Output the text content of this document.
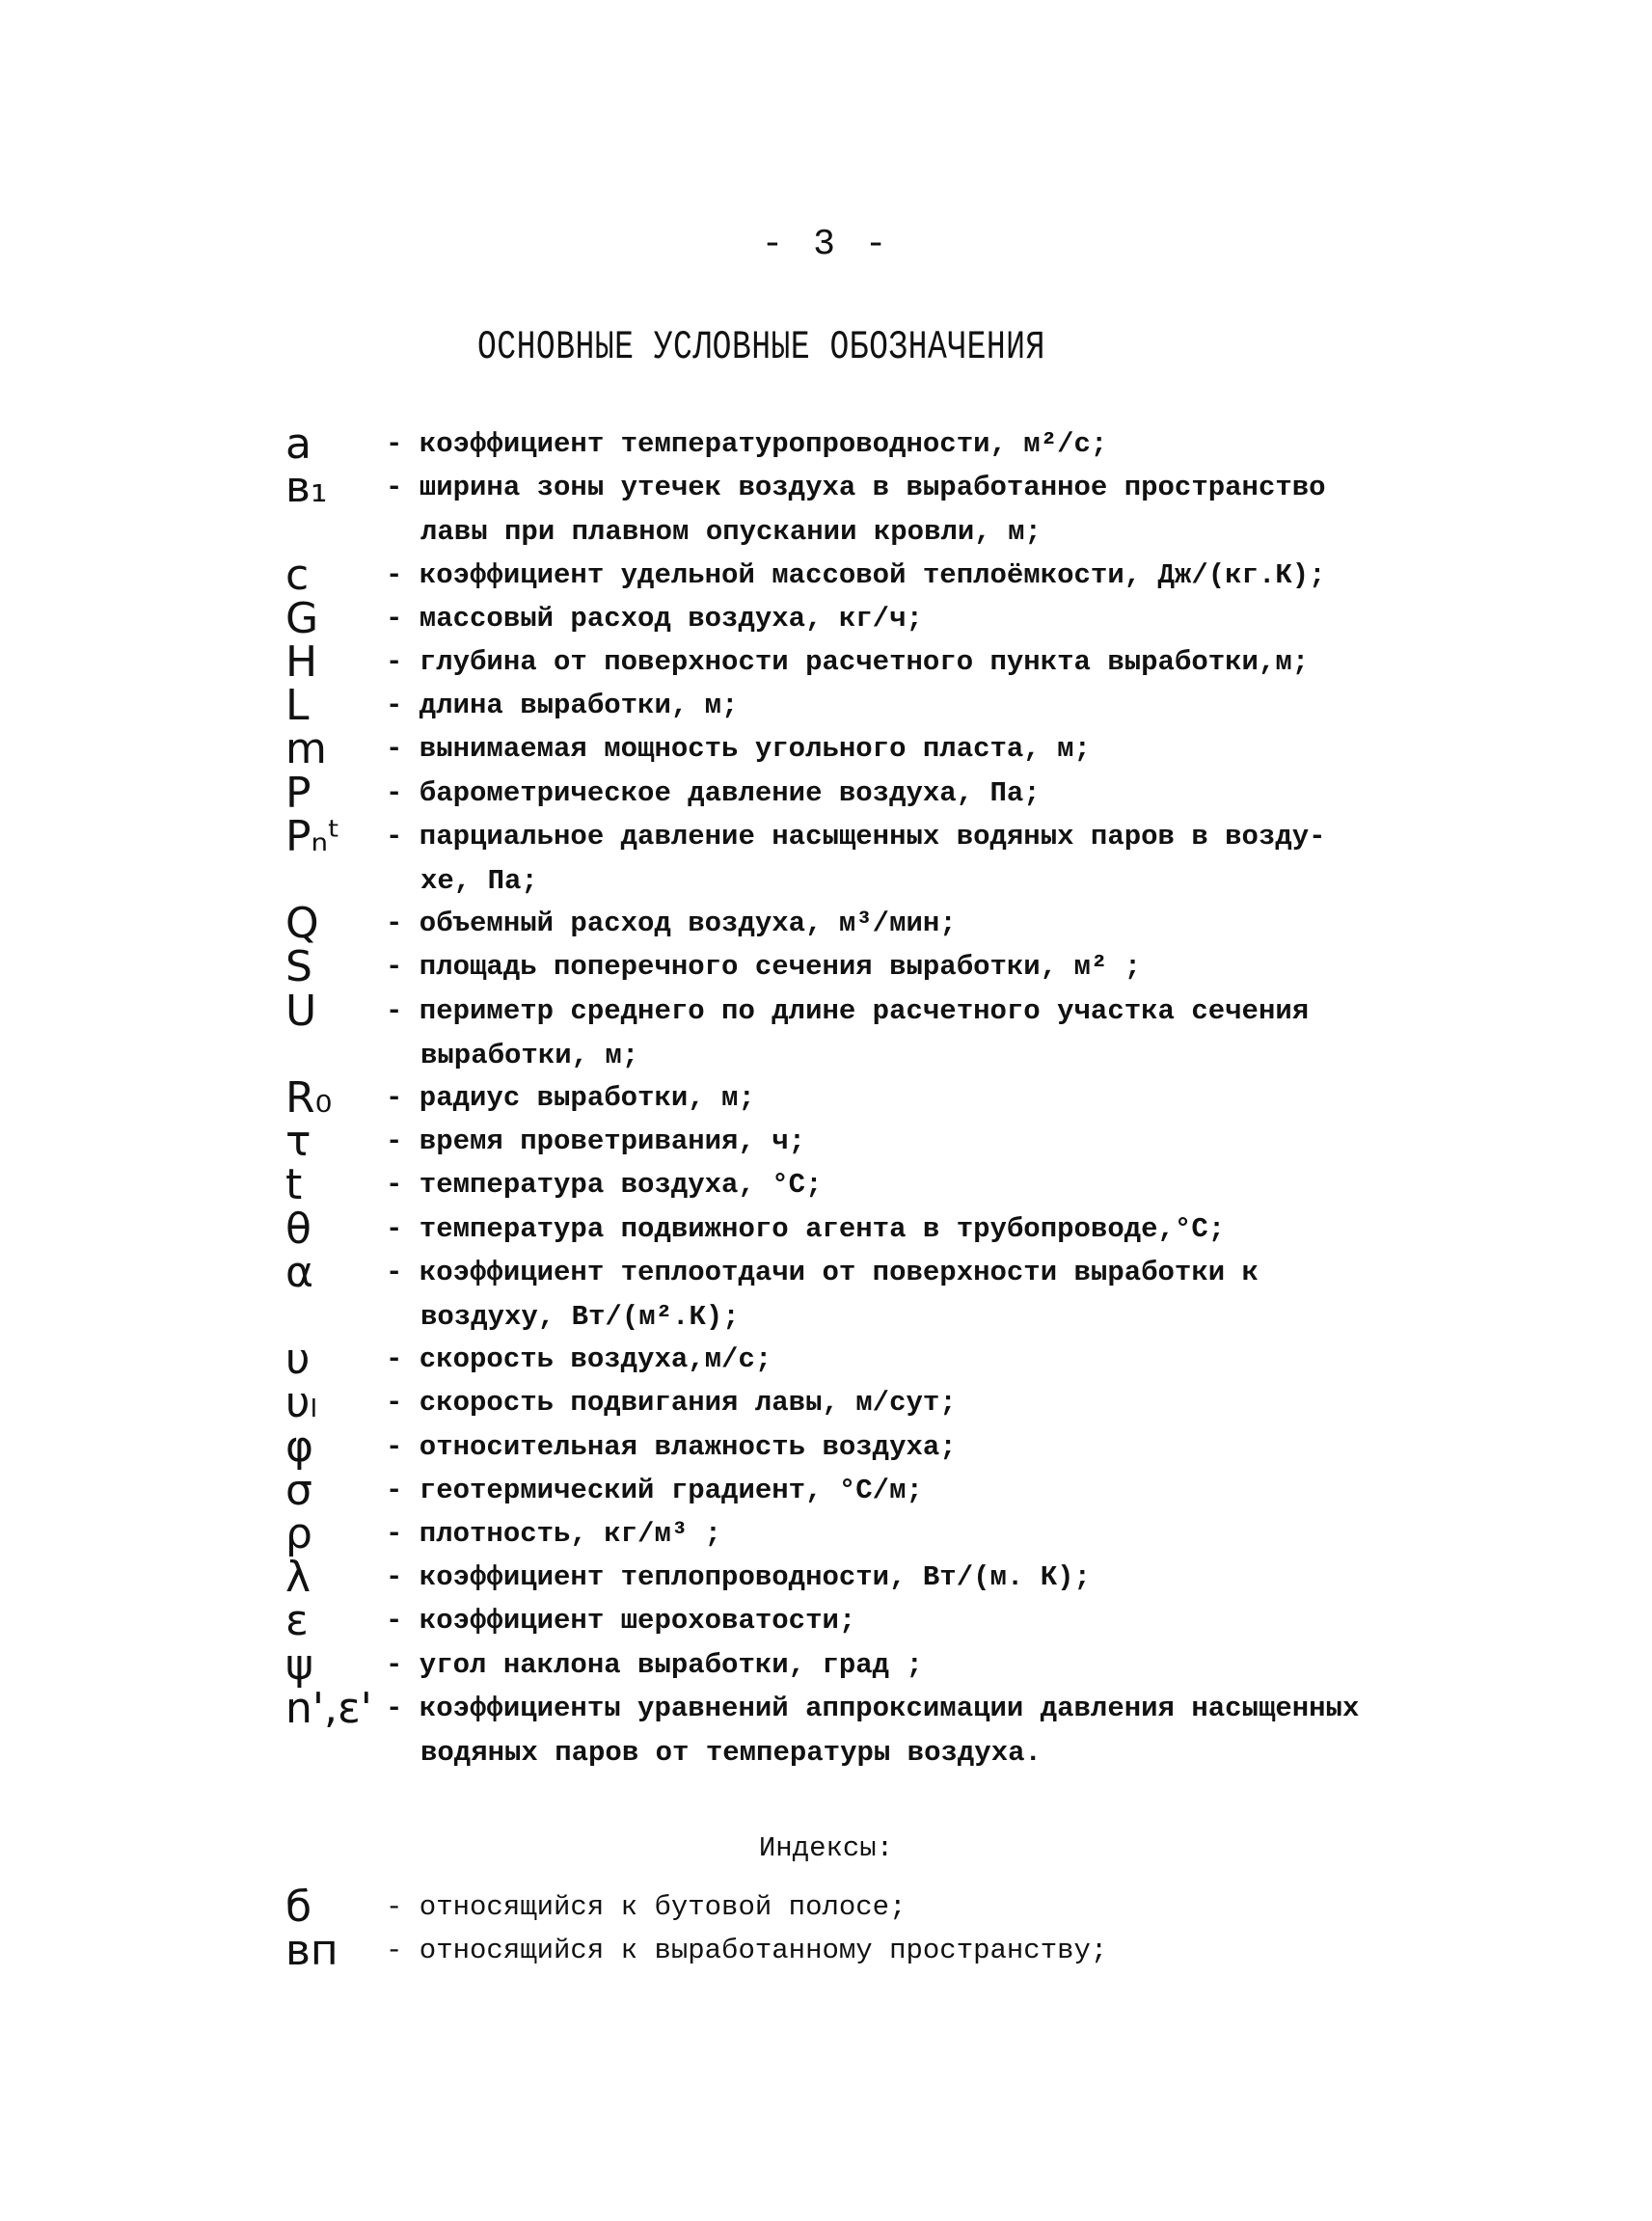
- 3 -
ОСНОВНЫЕ УСЛОВНЫЕ ОБОЗНАЧЕНИЯ
a	- коэффициент температуропроводности, м²/с;
в₁	- ширина зоны утечек воздуха в выработанное пространство

лавы при плавном опускании кровли, м;
c	- коэффициент удельной массовой теплоёмкости, Дж/(кг.К);
G	- массовый расход воздуха, кг/ч;
H	- глубина от поверхности расчетного пункта выработки,м;
L	- длина выработки, м;
m	- вынимаемая мощность угольного пласта, м;
P	- барометрическое давление воздуха, Па;
Pₙᵗ	- парциальное давление насыщенных водяных паров в возду-

хе, Па;
Q	- объемный расход воздуха, м³/мин;
S	- площадь поперечного сечения выработки, м² ;
U	- периметр среднего по длине расчетного участка сечения

выработки, м;
R₀	- радиус выработки, м;
τ	- время проветривания, ч;
t	- температура воздуха, °С;
θ	- температура подвижного агента в трубопроводе,°С;
α	- коэффициент теплоотдачи от поверхности выработки к

воздуху, Вт/(м².К);
υ	- скорость воздуха,м/с;
υₗ	- скорость подвигания лавы, м/сут;
φ	- относительная влажность воздуха;
σ	- геотермический градиент, °С/м;
ρ	- плотность, кг/м³ ;
λ	- коэффициент теплопроводности, Вт/(м. К);
ε	- коэффициент шероховатости;
ψ	- угол наклона выработки, град ;
n',ε' - коэффициенты уравнений аппроксимации давления насыщенных

водяных паров от температуры воздуха.
Индексы:
б	- относящийся к бутовой полосе;
вп	- относящийся к выработанному пространству;
